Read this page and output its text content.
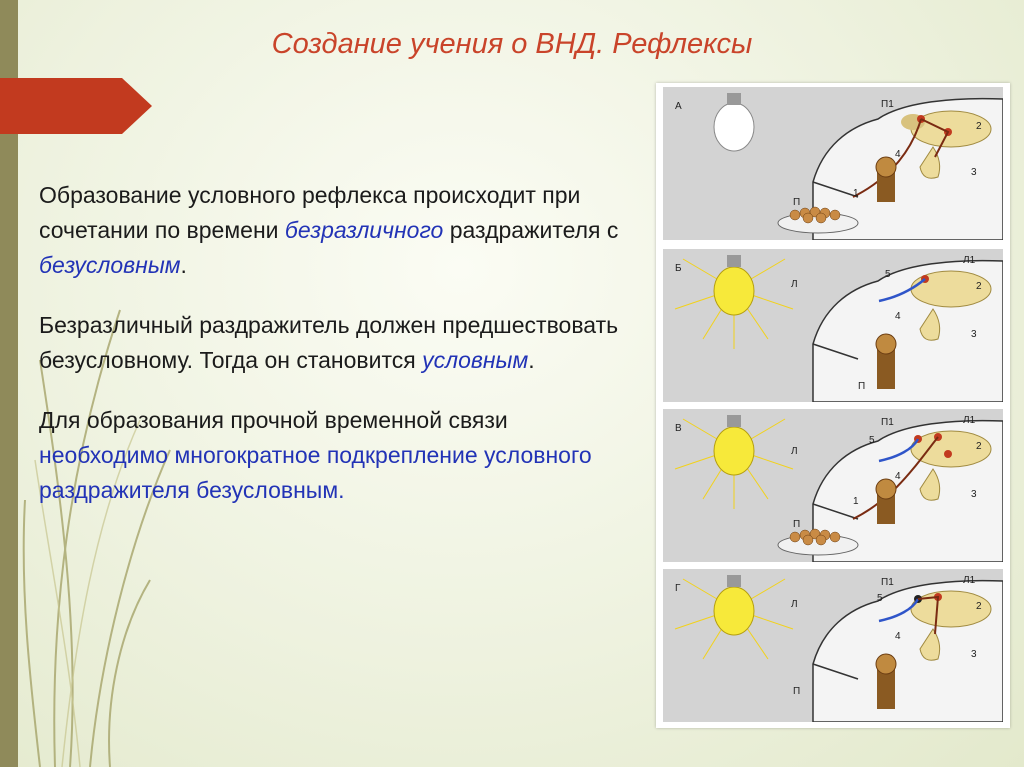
Создание учения о ВНД. Рефлексы

Образование условного рефлекса происходит при сочетании по времени безразличного раздражителя с безусловным.

Безразличный раздражитель должен предшествовать безусловному. Тогда он становится условным.

Для образования прочной временной связи необходимо многократное подкрепление условного раздражителя безусловным.

А	П1
2
4
3
1
П
Б
Л1
5
2
Л
4
3
П
В
П1	Л1
5
2
Л
4
3
1
П
Г
П1	Л1
5
2
Л
4
3
П
